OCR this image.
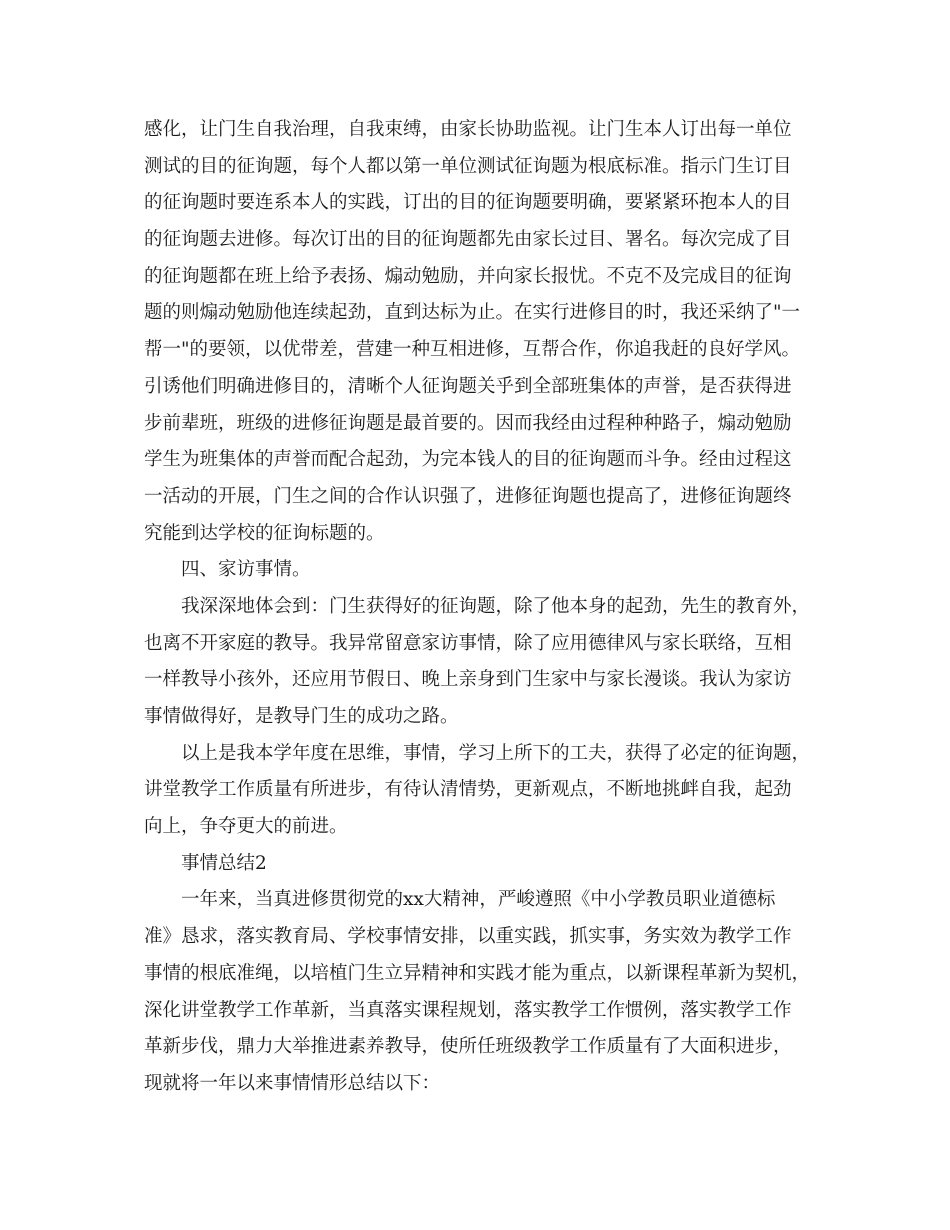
感化，让门生自我治理，自我束缚，由家长协助监视。让门生本人订出每一单位
测试的目的征询题，每个人都以第一单位测试征询题为根底标准。指示门生订目
的征询题时要连系本人的实践，订出的目的征询题要明确，要紧紧环抱本人的目
的征询题去进修。每次订出的目的征询题都先由家长过目、署名。每次完成了目
的征询题都在班上给予表扬、煽动勉励，并向家长报忧。不克不及完成目的征询
题的则煽动勉励他连续起劲，直到达标为止。在实行进修目的时，我还采纳了"一
帮一"的要领，以优带差，营建一种互相进修，互帮合作，你追我赶的良好学风。
引诱他们明确进修目的，清晰个人征询题关乎到全部班集体的声誉，是否获得进
步前辈班，班级的进修征询题是最首要的。因而我经由过程种种路子，煽动勉励
学生为班集体的声誉而配合起劲，为完本钱人的目的征询题而斗争。经由过程这
一活动的开展，门生之间的合作认识强了，进修征询题也提高了，进修征询题终
究能到达学校的征询标题的。
四、家访事情。
我深深地体会到：门生获得好的征询题，除了他本身的起劲，先生的教育外，
也离不开家庭的教导。我异常留意家访事情，除了应用德律风与家长联络，互相
一样教导小孩外，还应用节假日、晚上亲身到门生家中与家长漫谈。我认为家访
事情做得好，是教导门生的成功之路。
以上是我本学年度在思维，事情，学习上所下的工夫，获得了必定的征询题，
讲堂教学工作质量有所进步，有待认清情势，更新观点，不断地挑衅自我，起劲
向上，争夺更大的前进。
事情总结2
一年来，当真进修贯彻党的xx大精神，严峻遵照《中小学教员职业道德标
准》恳求，落实教育局、学校事情安排，以重实践，抓实事，务实效为教学工作
事情的根底准绳，以培植门生立异精神和实践才能为重点，以新课程革新为契机，
深化讲堂教学工作革新，当真落实课程规划，落实教学工作惯例，落实教学工作
革新步伐，鼎力大举推进素养教导，使所任班级教学工作质量有了大面积进步，
现就将一年以来事情情形总结以下：
